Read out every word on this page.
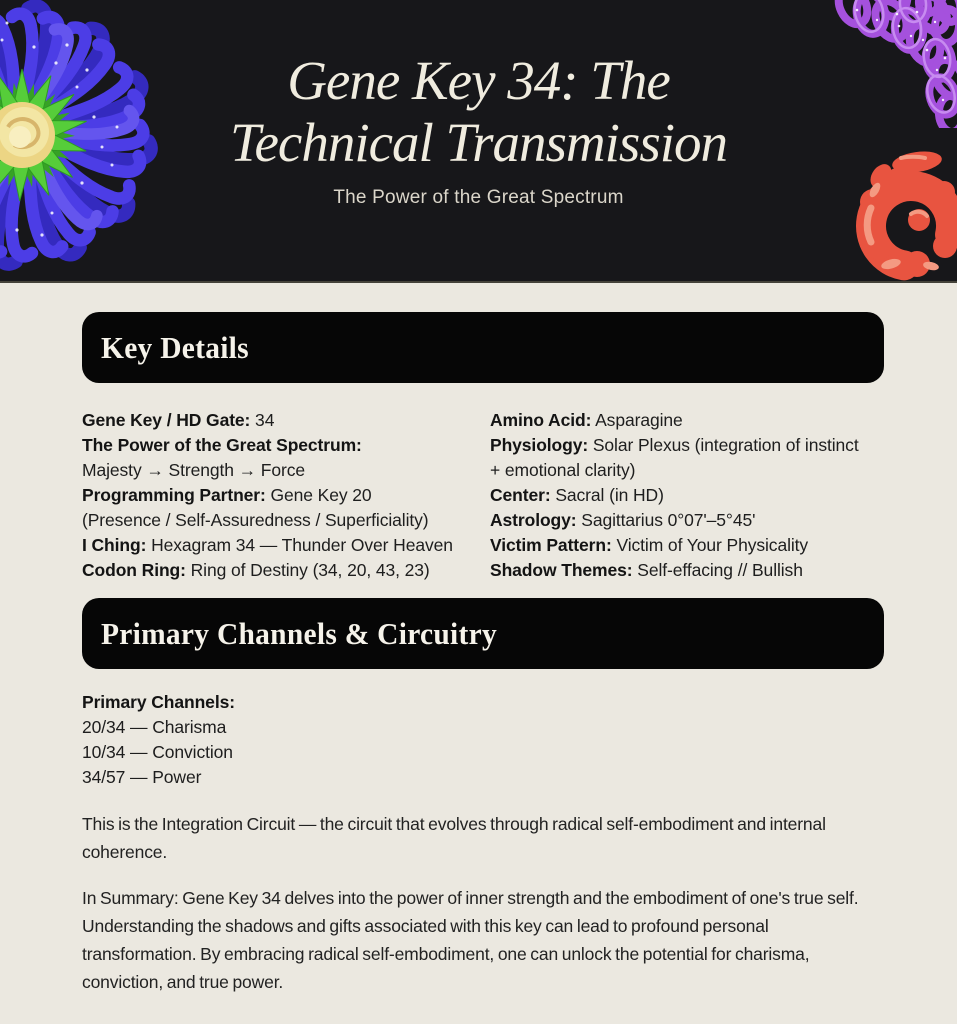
Gene Key 34: The
Technical Transmission

The Power of the Great Spectrum

Key Details

Gene Key / HD Gate: 34

The Power of the Great Spectrum:

Majesty → Strength → Force

Programming Partner: Gene Key 20

(Presence / Self-Assuredness / Superficiality)

I Ching: Hexagram 34 — Thunder Over Heaven

Codon Ring: Ring of Destiny (34, 20, 43, 23)

Amino Acid: Asparagine

Physiology: Solar Plexus (integration of instinct

+ emotional clarity)

Center: Sacral (in HD)

Astrology: Sagittarius 0°07'–5°45'

Victim Pattern: Victim of Your Physicality

Shadow Themes: Self-effacing // Bullish

Primary Channels & Circuitry

Primary Channels:

20/34 — Charisma

10/34 — Conviction

34/57 — Power

This is the Integration Circuit — the circuit that evolves through radical self-embodiment and internal coherence.

In Summary: Gene Key 34 delves into the power of inner strength and the embodiment of one's true self. Understanding the shadows and gifts associated with this key can lead to profound personal transformation. By embracing radical self-embodiment, one can unlock the potential for charisma, conviction, and true power.
